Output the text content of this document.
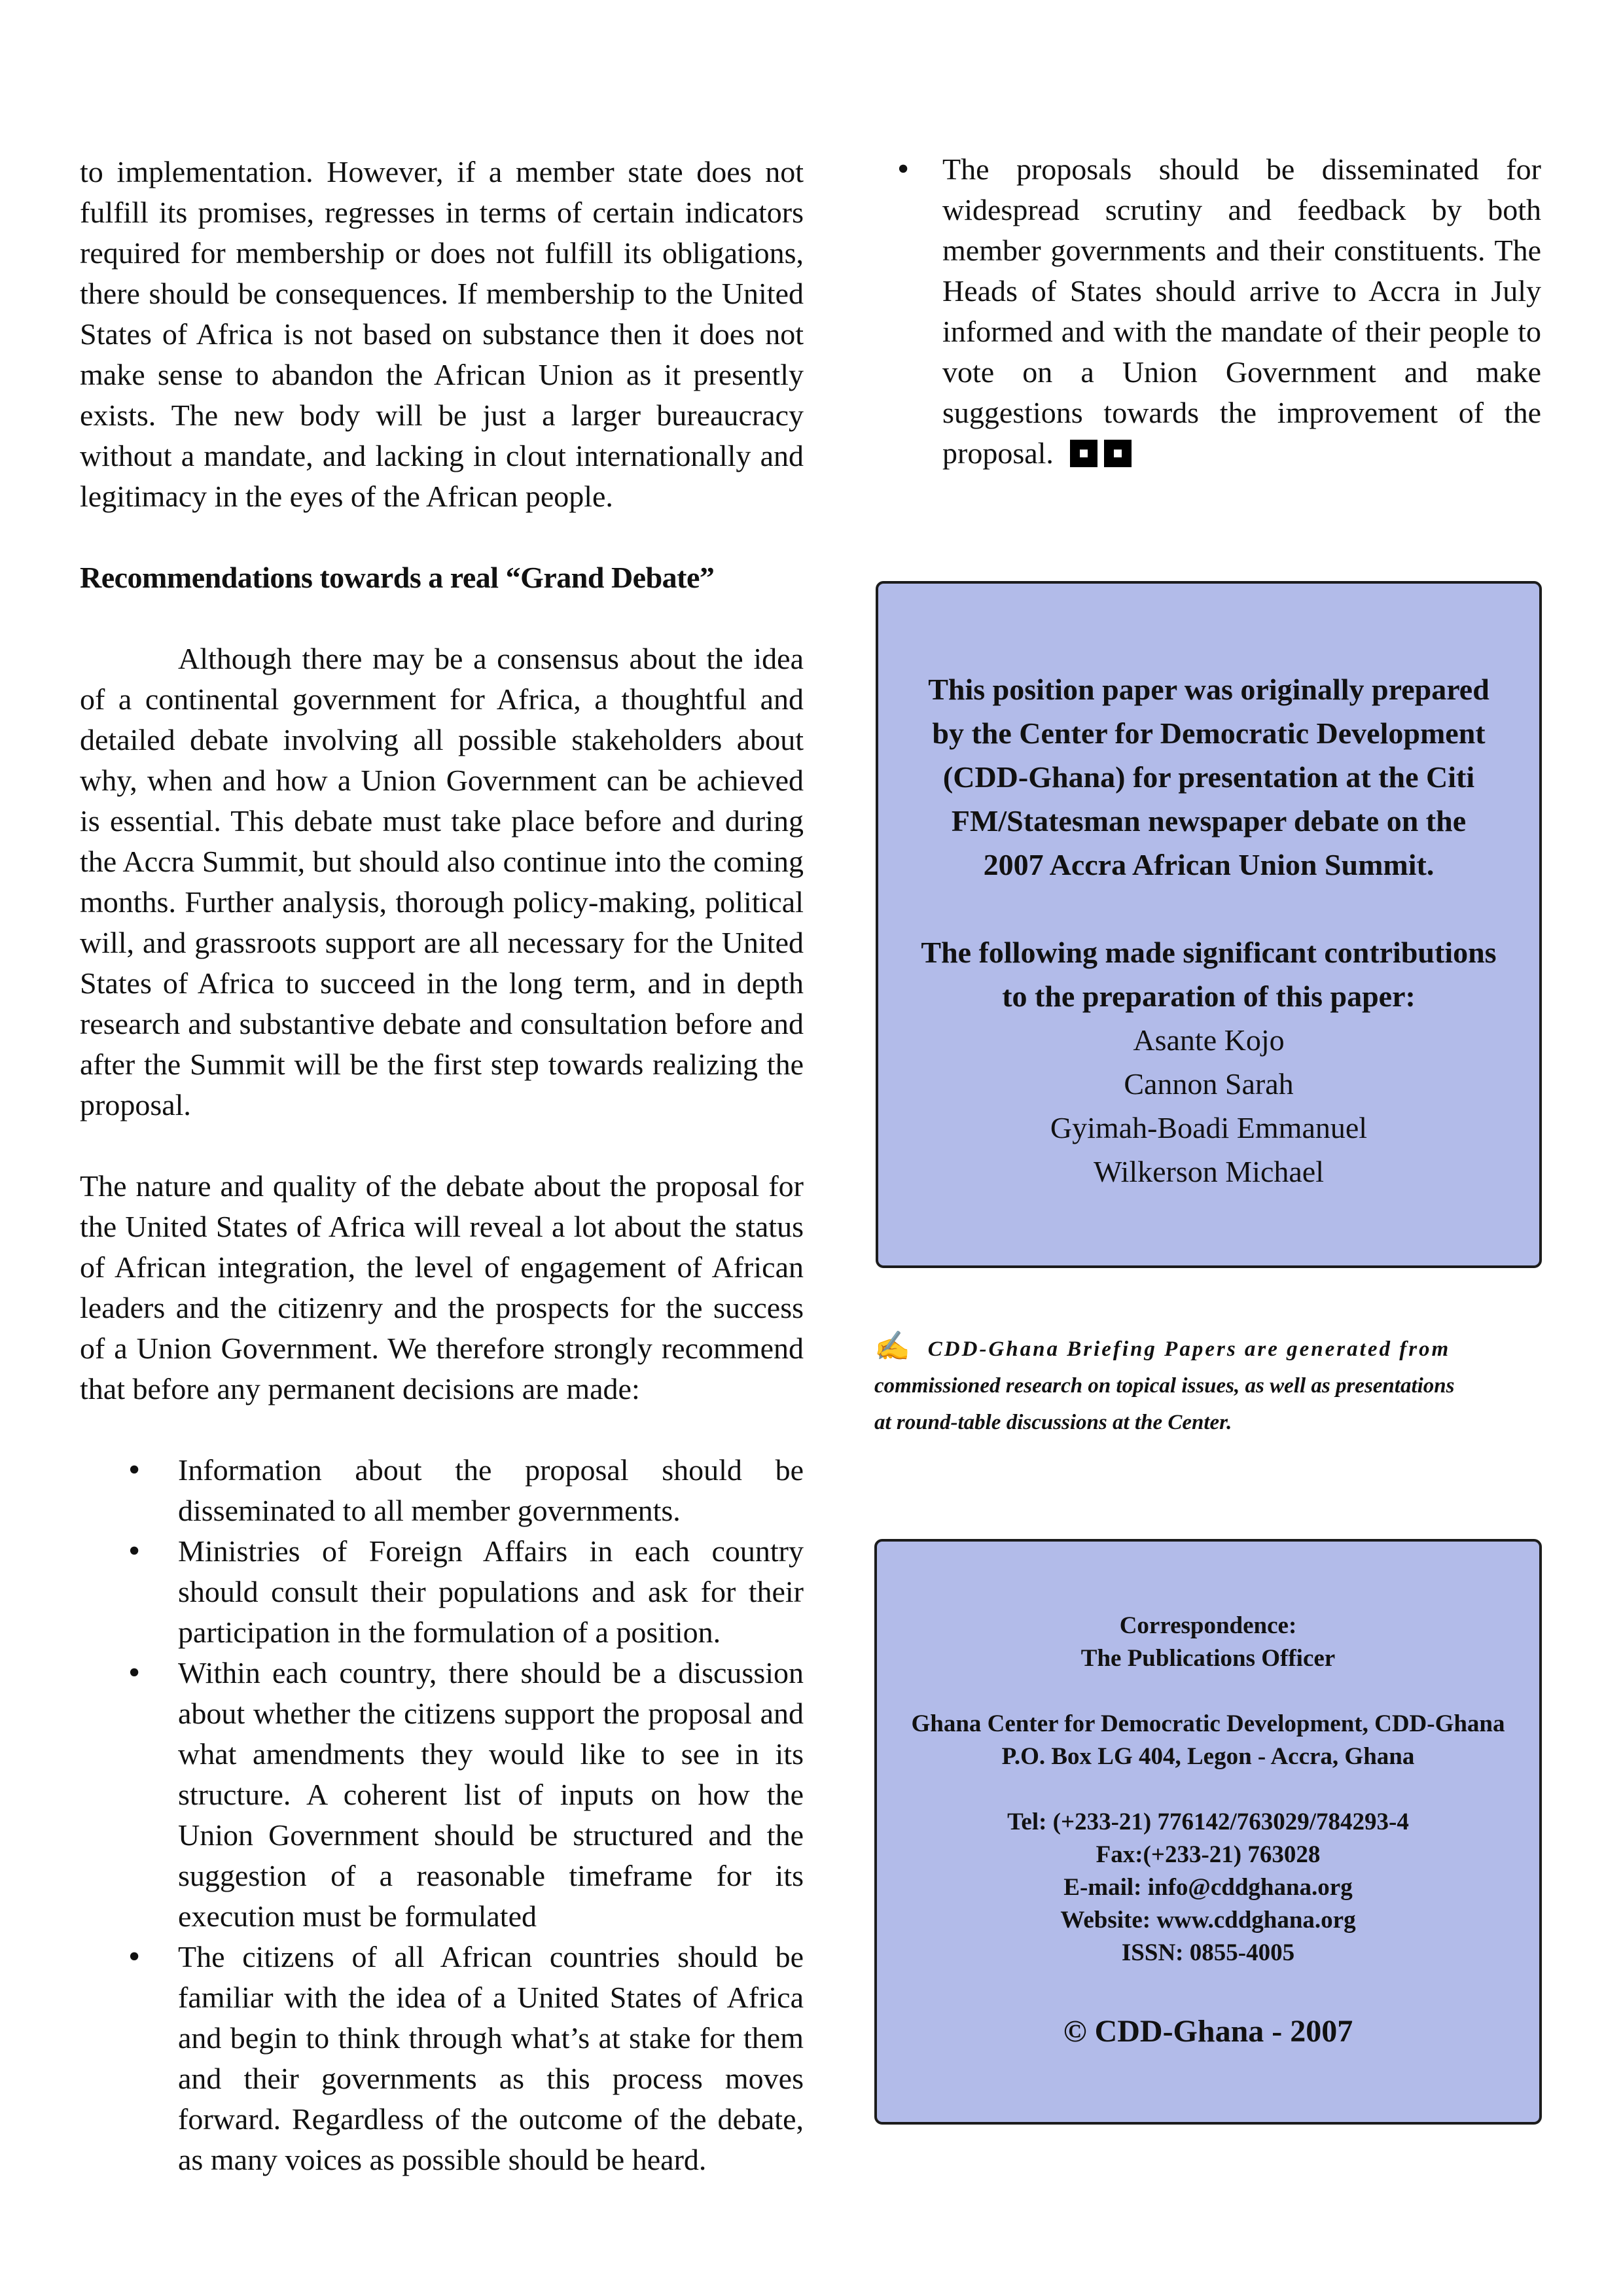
to implementation. However, if a member state does not fulfill its promises, regresses in terms of certain indicators required for membership or does not fulfill its obligations, there should be consequences. If membership to the United States of Africa is not based on substance then it does not make sense to abandon the African Union as it presently exists. The new body will be just a larger bureaucracy without a mandate, and lacking in clout internationally and legitimacy in the eyes of the African people.

Recommendations towards a real “Grand Debate”

Although there may be a consensus about the idea of a continental government for Africa, a thoughtful and detailed debate involving all possible stakeholders about why, when and how a Union Government can be achieved is essential. This debate must take place before and during the Accra Summit, but should also continue into the coming months. Further analysis, thorough policy-making, political will, and grassroots support are all necessary for the United States of Africa to succeed in the long term, and in depth research and substantive debate and consultation before and after the Summit will be the first step towards realizing the proposal.

The nature and quality of the debate about the proposal for the United States of Africa will reveal a lot about the status of African integration, the level of engagement of African leaders and the citizenry and the prospects for the success of a Union Government. We therefore strongly recommend that before any permanent decisions are made:

• Information about the proposal should be disseminated to all member governments.
• Ministries of Foreign Affairs in each country should consult their populations and ask for their participation in the formulation of a position.
• Within each country, there should be a discussion about whether the citizens support the proposal and what amendments they would like to see in its structure. A coherent list of inputs on how the Union Government should be structured and the suggestion of a reasonable timeframe for its execution must be formulated
• The citizens of all African countries should be familiar with the idea of a United States of Africa and begin to think through what’s at stake for them and their governments as this process moves forward. Regardless of the outcome of the debate, as many voices as possible should be heard.
• The proposals should be disseminated for widespread scrutiny and feedback by both member governments and their constituents. The Heads of States should arrive to Accra in July informed and with the mandate of their people to vote on a Union Government and make suggestions towards the improvement of the proposal.
This position paper was originally prepared
by the Center for Democratic Development
(CDD-Ghana) for presentation at the Citi
FM/Statesman newspaper debate on the
2007 Accra African Union Summit.
The following made significant contributions
to the preparation of this paper:
Asante Kojo
Cannon Sarah
Gyimah-Boadi Emmanuel
Wilkerson Michael
✍ CDD-Ghana Briefing Papers are generated from
commissioned research on topical issues, as well as presentations
at round-table discussions at the Center.
Correspondence:
The Publications Officer
Ghana Center for Democratic Development, CDD-Ghana
P.O. Box LG 404, Legon - Accra, Ghana
Tel: (+233-21) 776142/763029/784293-4
Fax:(+233-21) 763028
E-mail: info@cddghana.org
Website: www.cddghana.org
ISSN: 0855-4005
© CDD-Ghana - 2007
